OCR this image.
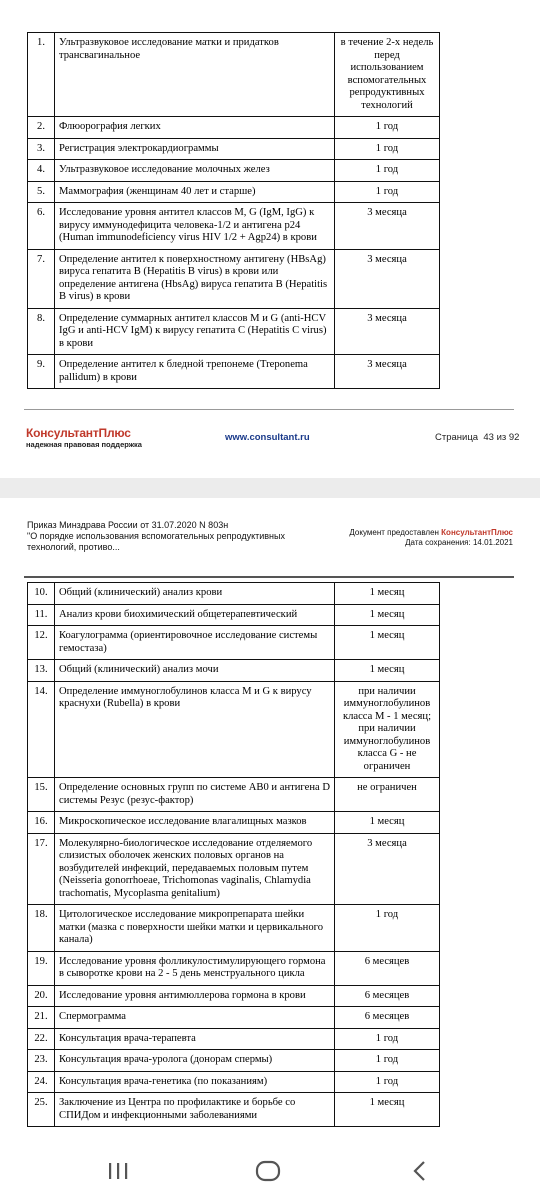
1.	Ультразвуковое исследование матки и придатков трансвагинальное	в течение 2-х недель перед использованием вспомогательных репродуктивных технологий
2.	Флюорография легких	1 год
3.	Регистрация электрокардиограммы	1 год
4.	Ультразвуковое исследование молочных желез	1 год
5.	Маммография (женщинам 40 лет и старше)	1 год
6.	Исследование уровня антител классов M, G (IgM, IgG) к вирусу иммунодефицита человека-1/2 и антигена p24 (Human immunodeficiency virus HIV 1/2 + Agp24) в крови	3 месяца
7.	Определение антител к поверхностному антигену (HBsAg) вируса гепатита B (Hepatitis B virus) в крови или определение антигена (HbsAg) вируса гепатита B (Hepatitis B virus) в крови	3 месяца
8.	Определение суммарных антител классов M и G (anti-HCV IgG и anti-HCV IgM) к вирусу гепатита C (Hepatitis C virus) в крови	3 месяца
9.	Определение антител к бледной трепонеме (Treponema pallidum) в крови	3 месяца
КонсультантПлюс
надежная правовая поддержка
www.consultant.ru	Страница 43 из 92
Приказ Минздрава России от 31.07.2020 N 803н
"О порядке использования вспомогательных репродуктивных технологий, противо...
Документ предоставлен КонсультантПлюс
Дата сохранения: 14.01.2021
10.	Общий (клинический) анализ крови	1 месяц
11.	Анализ крови биохимический общетерапевтический	1 месяц
12.	Коагулограмма (ориентировочное исследование системы гемостаза)	1 месяц
13.	Общий (клинический) анализ мочи	1 месяц
14.	Определение иммуноглобулинов класса M и G к вирусу краснухи (Rubella) в крови	при наличии иммуноглобулинов класса M - 1 месяц; при наличии иммуноглобулинов класса G - не ограничен
15.	Определение основных групп по системе AB0 и антигена D системы Резус (резус-фактор)	не ограничен
16.	Микроскопическое исследование влагалищных мазков	1 месяц
17.	Молекулярно-биологическое исследование отделяемого слизистых оболочек женских половых органов на возбудителей инфекций, передаваемых половым путем (Neisseria gonorrhoeae, Trichomonas vaginalis, Chlamydia trachomatis, Mycoplasma genitalium)	3 месяца
18.	Цитологическое исследование микропрепарата шейки матки (мазка с поверхности шейки матки и цервикального канала)	1 год
19.	Исследование уровня фолликулостимулирующего гормона в сыворотке крови на 2 - 5 день менструального цикла	6 месяцев
20.	Исследование уровня антимюллерова гормона в крови	6 месяцев
21.	Спермограмма	6 месяцев
22.	Консультация врача-терапевта	1 год
23.	Консультация врача-уролога (донорам спермы)	1 год
24.	Консультация врача-генетика (по показаниям)	1 год
25.	Заключение из Центра по профилактике и борьбе со СПИДом и инфекционными заболеваниями	1 месяц
